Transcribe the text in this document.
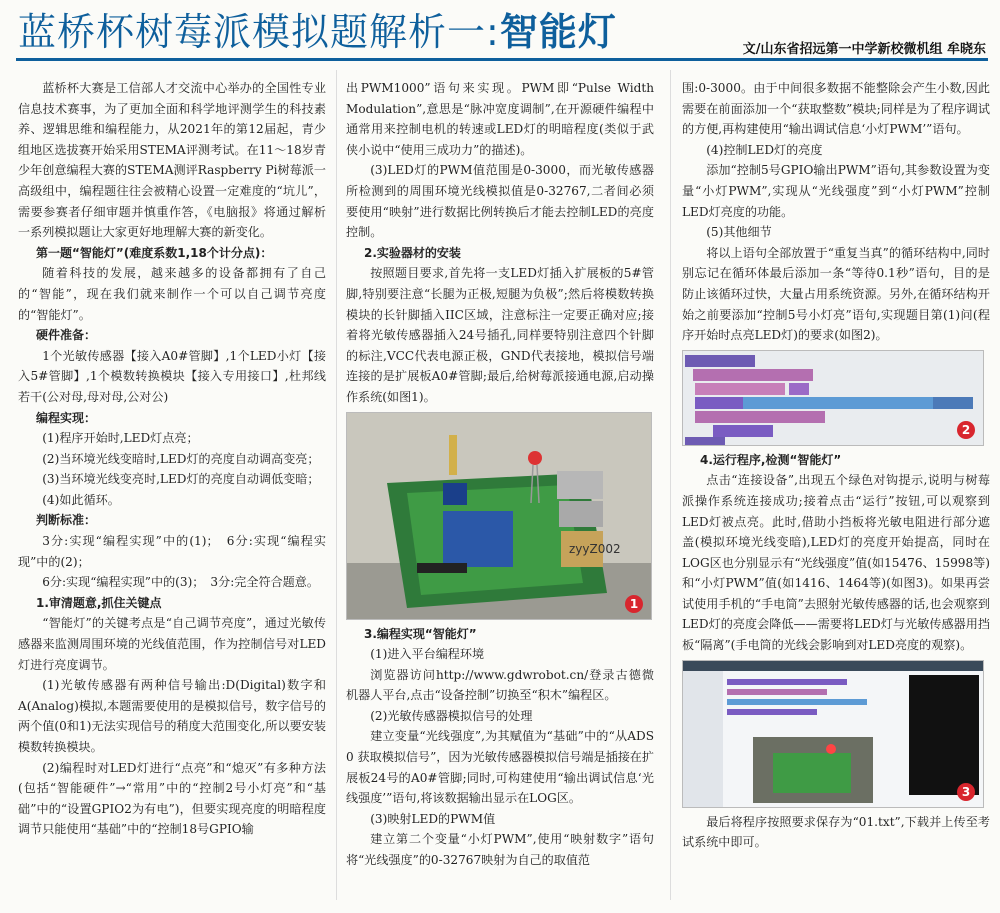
蓝桥杯树莓派模拟题解析一:智能灯	文/山东省招远第一中学新校微机组 牟晓东

蓝桥杯大赛是工信部人才交流中心举办的全国性专业信息技术赛事，为了更加全面和科学地评测学生的科技素养、逻辑思维和编程能力，从2021年的第12届起，青少组地区选拔赛开始采用STEMA评测考试。在11～18岁青少年创意编程大赛的STEMA测评Raspberry Pi树莓派一高级组中，编程题往往会被精心设置一定难度的“坑儿”，需要参赛者仔细审题并慎重作答，《电脑报》将通过解析一系列模拟题让大家更好地理解大赛的新变化。

第一题“智能灯”(难度系数1,18个计分点)：

随着科技的发展，越来越多的设备都拥有了自己的“智能”，现在我们就来制作一个可以自己调节亮度的“智能灯”。

硬件准备：

1个光敏传感器【接入A0#管脚】,1个LED小灯【接入5#管脚】,1个模数转换模块【接入专用接口】,杜邦线若干(公对母,母对母,公对公)

编程实现：

(1)程序开始时,LED灯点亮；

(2)当环境光线变暗时,LED灯的亮度自动调高变亮；

(3)当环境光线变亮时,LED灯的亮度自动调低变暗；

(4)如此循环。

判断标准：

3分:实现“编程实现”中的(1)；　6分:实现“编程实现”中的(2)；

6分:实现“编程实现”中的(3)；　3分:完全符合题意。

1.审清题意,抓住关键点

“智能灯”的关键考点是“自己调节亮度”，通过光敏传感器来监测周围环境的光线值范围，作为控制信号对LED灯进行亮度调节。

(1)光敏传感器有两种信号输出:D(Digital)数字和A(Analog)模拟,本题需要使用的是模拟信号，数字信号的两个值(0和1)无法实现信号的稍度大范围变化,所以要安装模数转换模块。

(2)编程时对LED灯进行“点亮”和“熄灭”有多种方法(包括“智能硬件”→“常用”中的“控制2号小灯亮”和“基础”中的“设置GPIO2为有电”)，但要实现亮度的明暗程度调节只能使用“基础”中的“控制18号GPIO输

出PWM1000”语句来实现。PWM即“Pulse Width Modulation”,意思是“脉冲宽度调制”,在开源硬件编程中通常用来控制电机的转速或LED灯的明暗程度(类似于武侠小说中“使用三成功力”的描述)。

(3)LED灯的PWM值范围是0-3000，而光敏传感器所检测到的周围环境光线模拟值是0-32767,二者间必须要使用“映射”进行数据比例转换后才能去控制LED的亮度控制。

2.实验器材的安装

按照题目要求,首先将一支LED灯插入扩展板的5#管脚,特别要注意“长腿为正极,短腿为负极”;然后将模数转换模块的长针脚插入IIC区域，注意标注一定要正确对应;接着将光敏传感器插入24号插孔,同样要特别注意四个针脚的标注,VCC代表电源正极，GND代表接地，模拟信号端连接的是扩展板A0#管脚;最后,给树莓派接通电源,启动操作系统(如图1)。

zyyZ002
1

3.编程实现“智能灯”

(1)进入平台编程环境

浏览器访问http://www.gdwrobot.cn/登录古德微机器人平台,点击“设备控制”切换至“积木”编程区。

(2)光敏传感器模拟信号的处理

建立变量“光线强度”,为其赋值为“基础”中的“从ADS 0 获取模拟信号”，因为光敏传感器模拟信号端是插接在扩展板24号的A0#管脚;同时,可构建使用“输出调试信息‘光线强度’”语句,将该数据输出显示在LOG区。

(3)映射LED的PWM值

建立第二个变量“小灯PWM”,使用“映射数字”语句将“光线强度”的0-32767映射为自己的取值范

围:0-3000。由于中间很多数据不能整除会产生小数,因此需要在前面添加一个“获取整数”模块;同样是为了程序调试的方便,再构建使用“输出调试信息‘小灯PWM’”语句。

(4)控制LED灯的亮度

添加“控制5号GPIO输出PWM”语句,其参数设置为变量“小灯PWM”,实现从“光线强度”到“小灯PWM”控制LED灯亮度的功能。

(5)其他细节

将以上语句全部放置于“重复当真”的循环结构中,同时别忘记在循环体最后添加一条“等待0.1秒”语句，目的是防止该循环过快，大量占用系统资源。另外,在循环结构开始之前要添加“控制5号小灯亮”语句,实现题目第(1)问(程序开始时点亮LED灯)的要求(如图2)。

2

4.运行程序,检测“智能灯”

点击“连接设备”,出现五个绿色对钩提示,说明与树莓派操作系统连接成功;接着点击“运行”按钮,可以观察到LED灯被点亮。此时,借助小挡板将光敏电阻进行部分遮盖(模拟环境光线变暗),LED灯的亮度开始提高，同时在LOG区也分别显示有“光线强度”值(如15476、15998等)和“小灯PWM”值(如1416、1464等)(如图3)。如果再尝试使用手机的“手电筒”去照射光敏传感器的话,也会观察到LED灯的亮度会降低——需要将LED灯与光敏传感器用挡板“隔离”(手电筒的光线会影响到对LED亮度的观察)。

3

最后将程序按照要求保存为“01.txt”,下载并上传至考试系统中即可。
